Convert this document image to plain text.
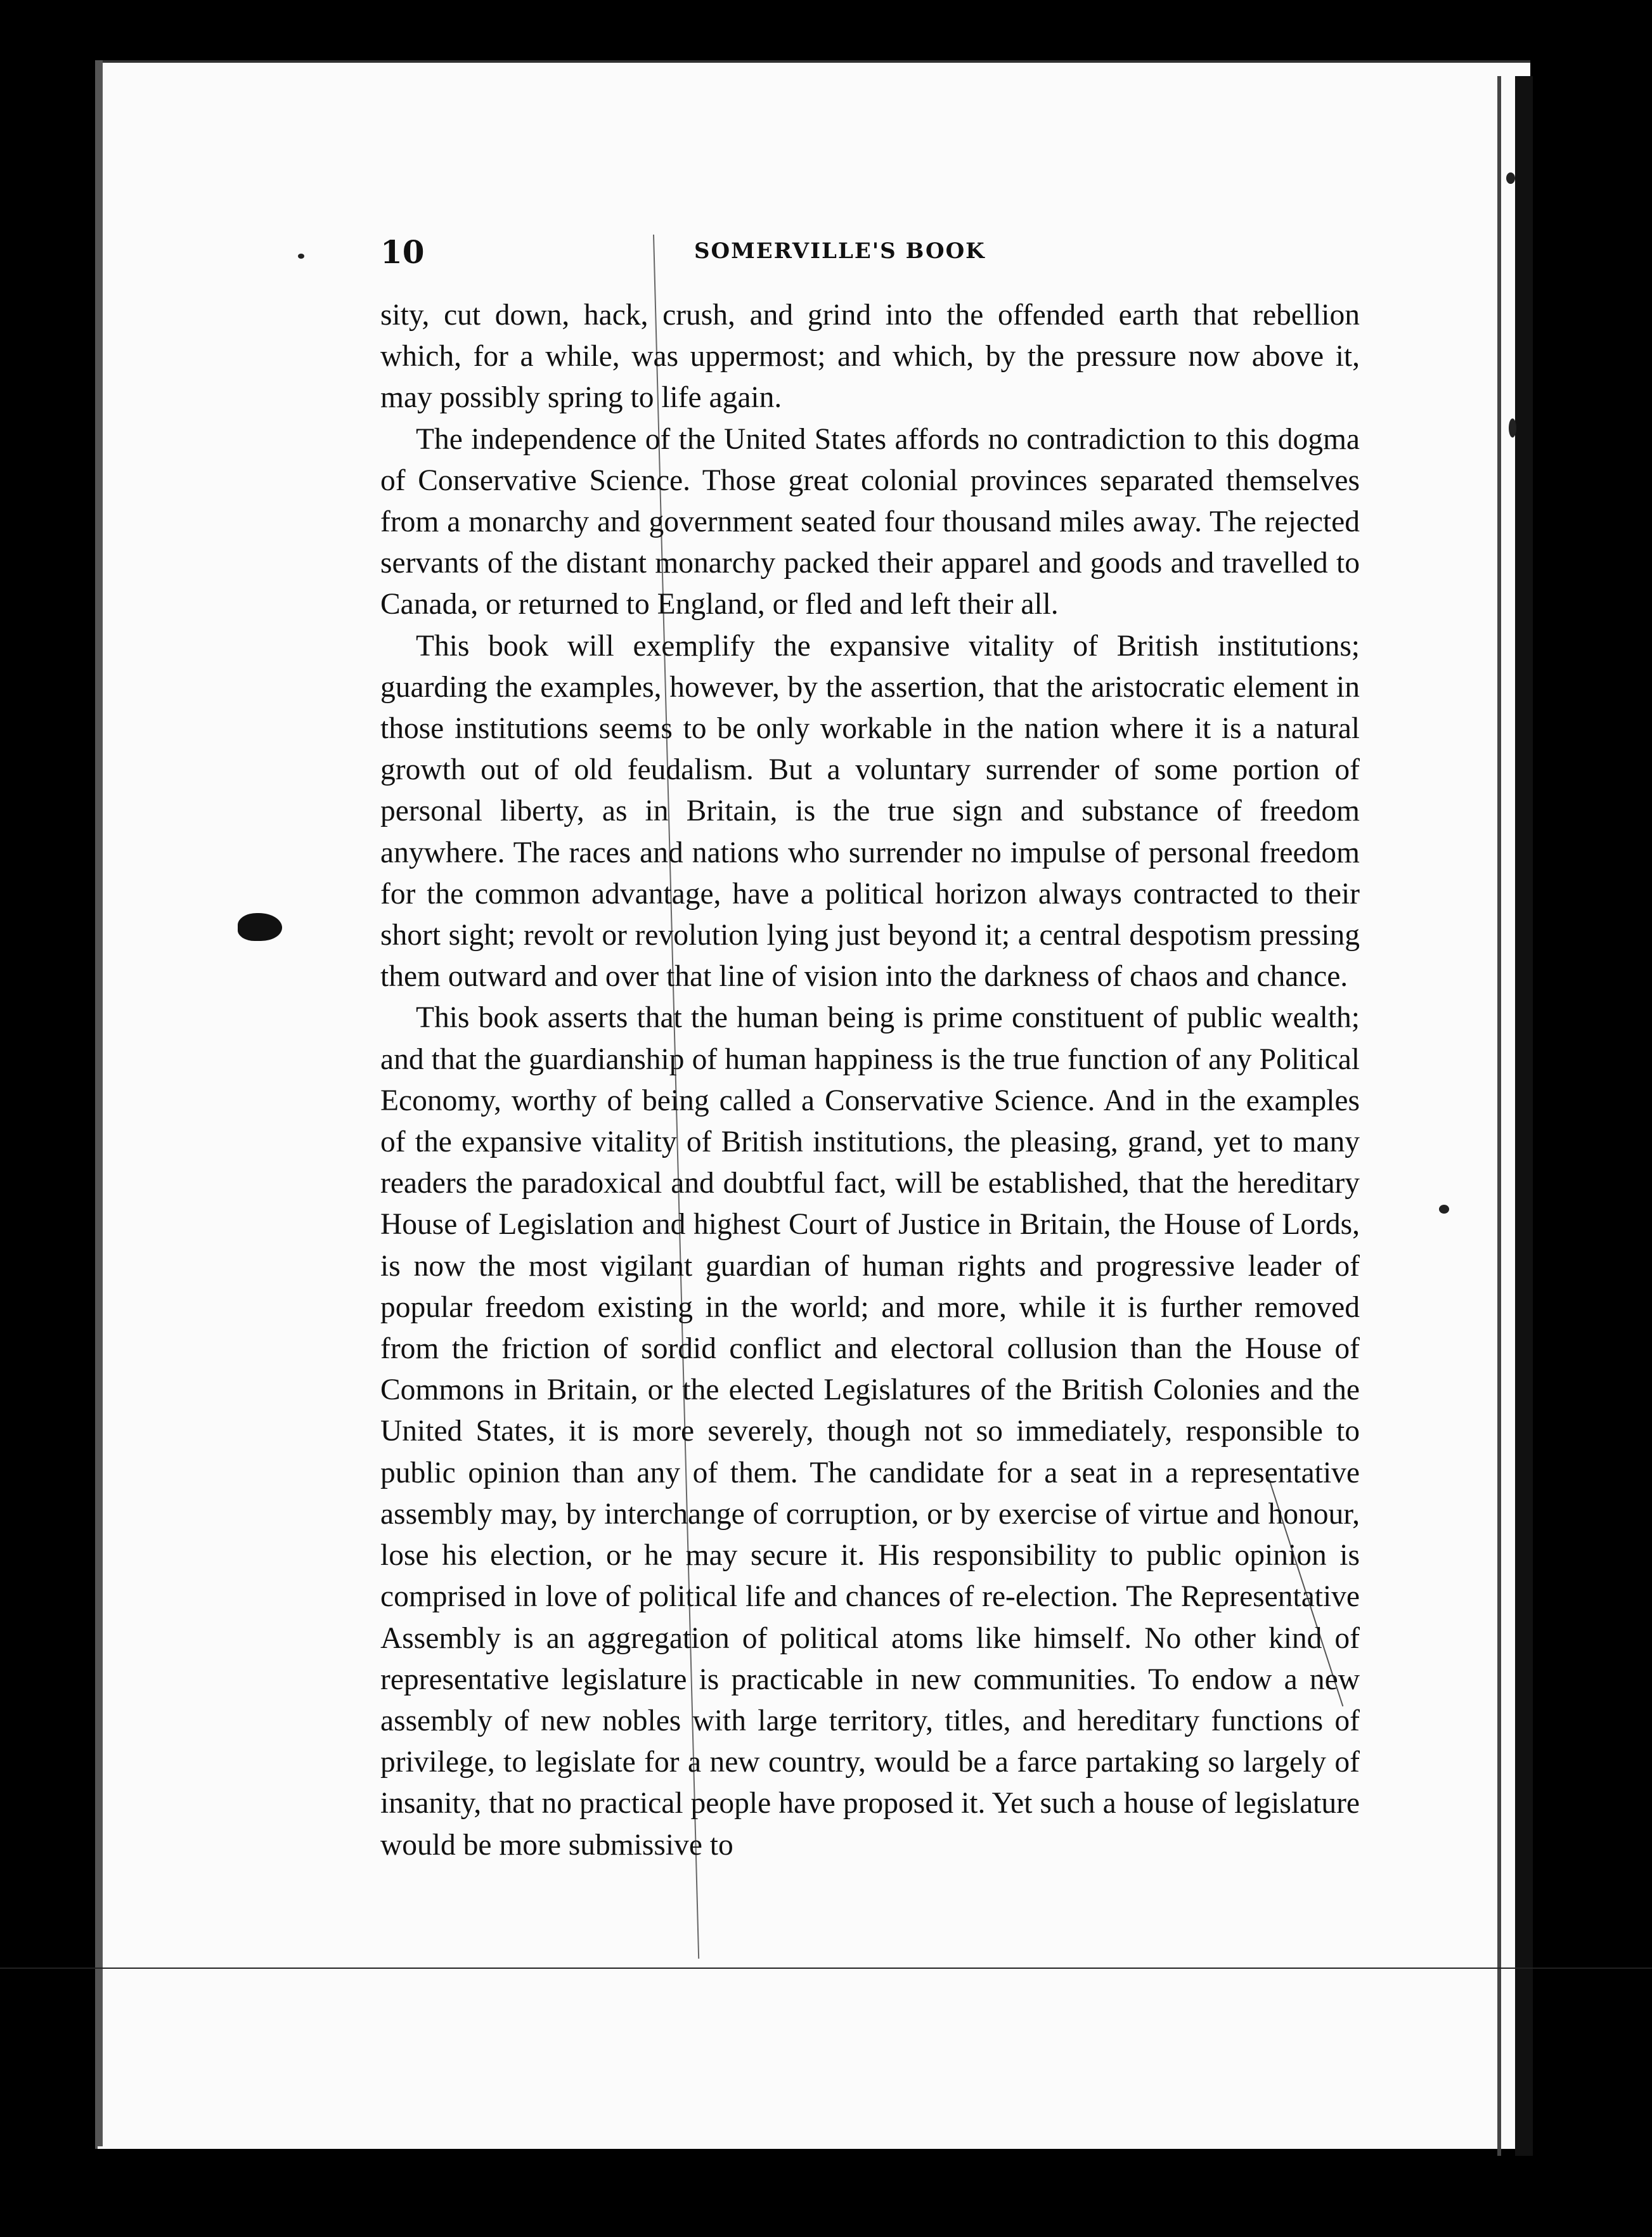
10	SOMERVILLE'S BOOK

sity, cut down, hack, crush, and grind into the offended earth that rebellion which, for a while, was uppermost; and which, by the pressure now above it, may possibly spring to life again.

The independence of the United States affords no contradiction to this dogma of Conservative Science. Those great colonial provinces separated themselves from a monarchy and government seated four thousand miles away. The rejected servants of the distant monarchy packed their apparel and goods and travelled to Canada, or returned to England, or fled and left their all.

This book will exemplify the expansive vitality of British institutions; guarding the examples, however, by the assertion, that the aristocratic element in those institutions seems to be only workable in the nation where it is a natural growth out of old feudalism. But a voluntary surrender of some portion of personal liberty, as in Britain, is the true sign and substance of freedom anywhere. The races and nations who surrender no impulse of personal freedom for the common advantage, have a political horizon always contracted to their short sight; revolt or revolution lying just beyond it; a central despotism pressing them outward and over that line of vision into the darkness of chaos and chance.

This book asserts that the human being is prime constituent of public wealth; and that the guardianship of human happiness is the true function of any Political Economy, worthy of being called a Conservative Science. And in the examples of the expansive vitality of British institutions, the pleasing, grand, yet to many readers the paradoxical and doubtful fact, will be established, that the hereditary House of Legislation and highest Court of Justice in Britain, the House of Lords, is now the most vigilant guardian of human rights and progressive leader of popular freedom existing in the world; and more, while it is further removed from the friction of sordid conflict and electoral collusion than the House of Commons in Britain, or the elected Legislatures of the British Colonies and the United States, it is more severely, though not so immediately, responsible to public opinion than any of them. The candidate for a seat in a representative assembly may, by interchange of corruption, or by exercise of virtue and honour, lose his election, or he may secure it. His responsibility to public opinion is comprised in love of political life and chances of re-election. The Representative Assembly is an aggregation of political atoms like himself. No other kind of representative legislature is practicable in new communities. To endow a new assembly of new nobles with large territory, titles, and hereditary functions of privilege, to legislate for a new country, would be a farce partaking so largely of insanity, that no practical people have proposed it. Yet such a house of legislature would be more submissive to
